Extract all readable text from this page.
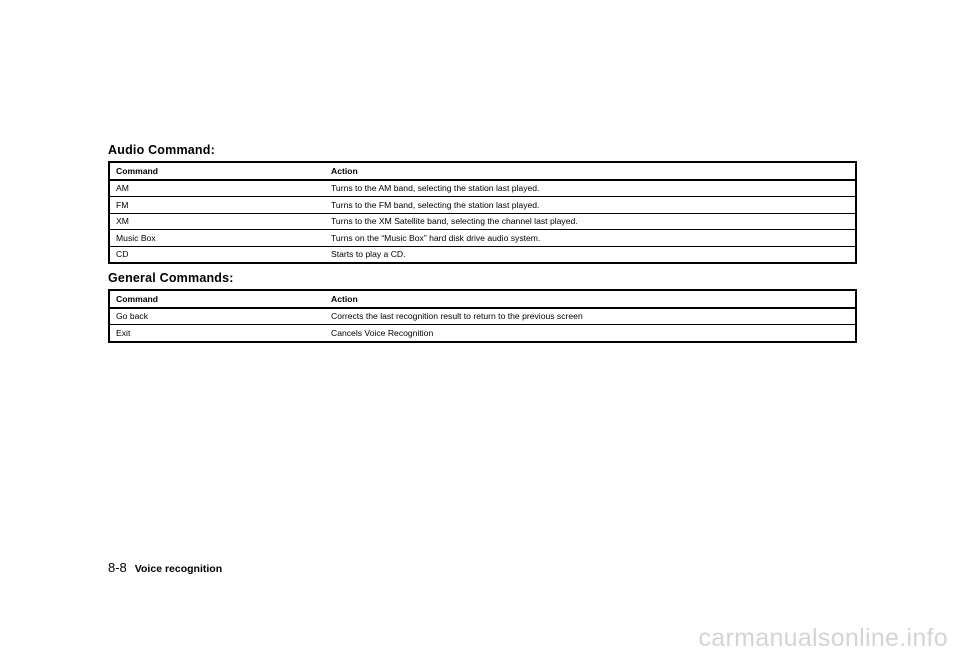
Audio Command:
Command	Action
AM	Turns to the AM band, selecting the station last played.
FM	Turns to the FM band, selecting the station last played.
XM	Turns to the XM Satellite band, selecting the channel last played.
Music Box	Turns on the “Music Box” hard disk drive audio system.
CD	Starts to play a CD.
General Commands:
Command	Action
Go back	Corrects the last recognition result to return to the previous screen
Exit	Cancels Voice Recognition
8-8 Voice recognition
carmanualsonline.info
